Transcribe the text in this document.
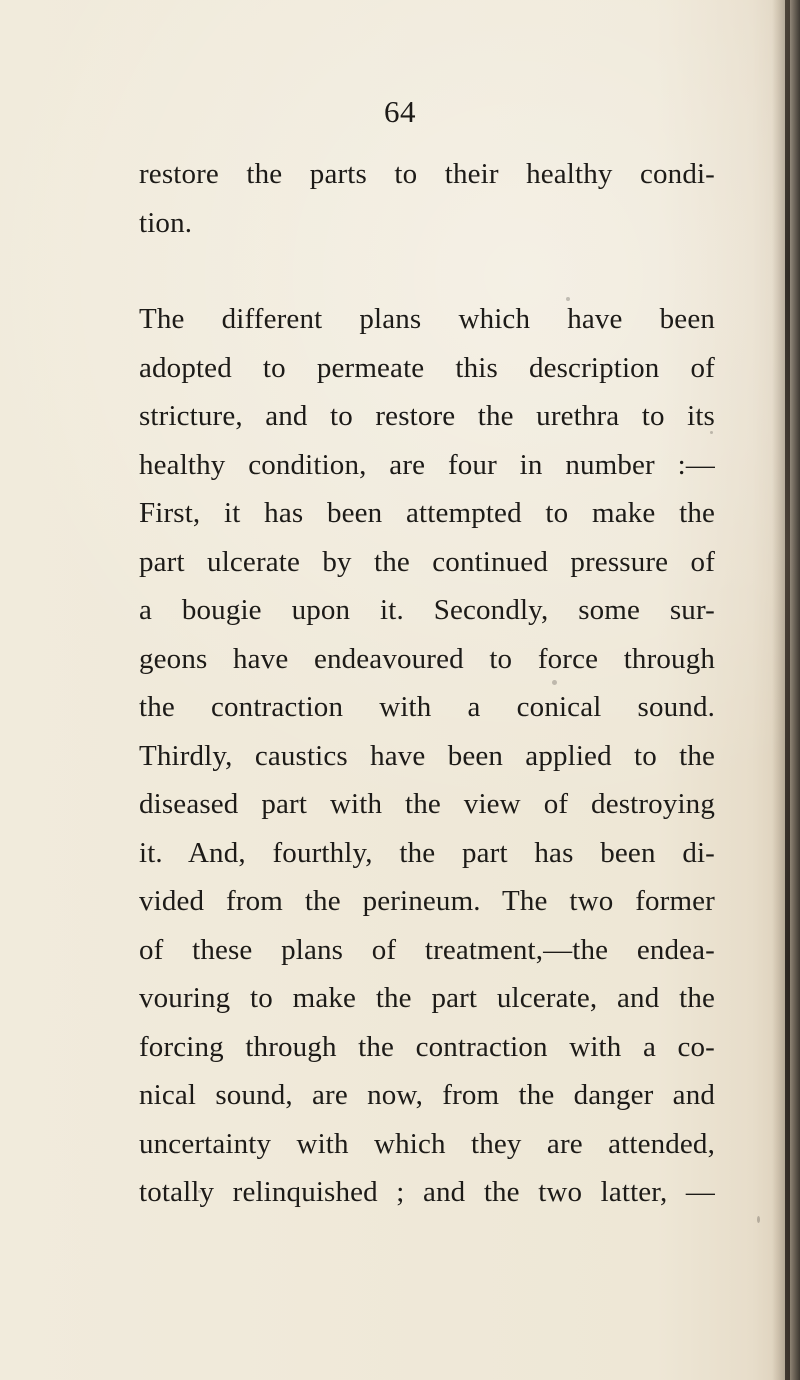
64
restore the parts to their healthy condi-
tion.
The different plans which have been
adopted to permeate this description of
stricture, and to restore the urethra to its
healthy condition, are four in number :—
First, it has been attempted to make the
part ulcerate by the continued pressure of
a bougie upon it. Secondly, some sur-
geons have endeavoured to force through
the contraction with a conical sound.
Thirdly, caustics have been applied to the
diseased part with the view of destroying
it. And, fourthly, the part has been di-
vided from the perineum. The two former
of these plans of treatment,—the endea-
vouring to make the part ulcerate, and the
forcing through the contraction with a co-
nical sound, are now, from the danger and
uncertainty with which they are attended,
totally relinquished ; and the two latter, —
